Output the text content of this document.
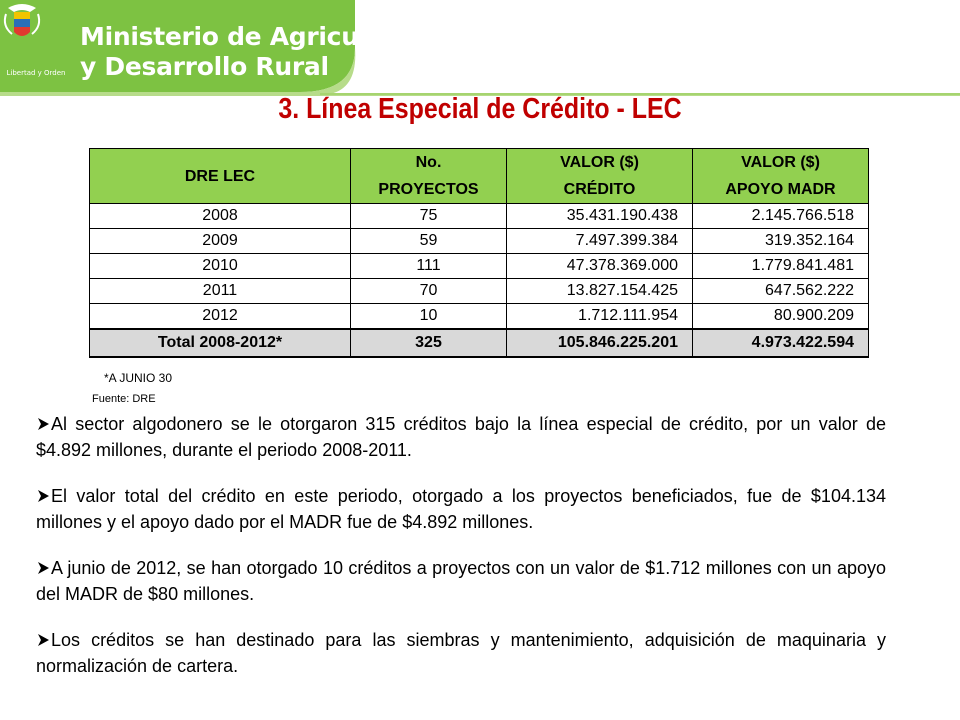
Libertad y Orden
Ministerio de Agricultura
y Desarrollo Rural
3. Línea Especial de Crédito - LEC
DRE LEC	No.	VALOR ($)	VALOR ($)
	PROYECTOS	CRÉDITO	APOYO MADR
2008	75	35.431.190.438	2.145.766.518
2009	59	7.497.399.384	319.352.164
2010	111	47.378.369.000	1.779.841.481
2011	70	13.827.154.425	647.562.222
2012	10	1.712.111.954	80.900.209
Total 2008-2012*	325	105.846.225.201	4.973.422.594
*A JUNIO 30
Fuente: DRE

Al sector algodonero se le otorgaron 315 créditos bajo la línea especial de crédito, por un valor de $4.892 millones, durante el periodo 2008-2011.

El valor total del crédito en este periodo, otorgado a los proyectos beneficiados, fue de $104.134 millones y el apoyo dado por el MADR fue de $4.892 millones.

A junio de 2012, se han otorgado 10 créditos a proyectos con un valor de $1.712 millones con un apoyo del MADR de $80 millones.

Los créditos se han destinado para las siembras y mantenimiento, adquisición de maquinaria y normalización de cartera.
